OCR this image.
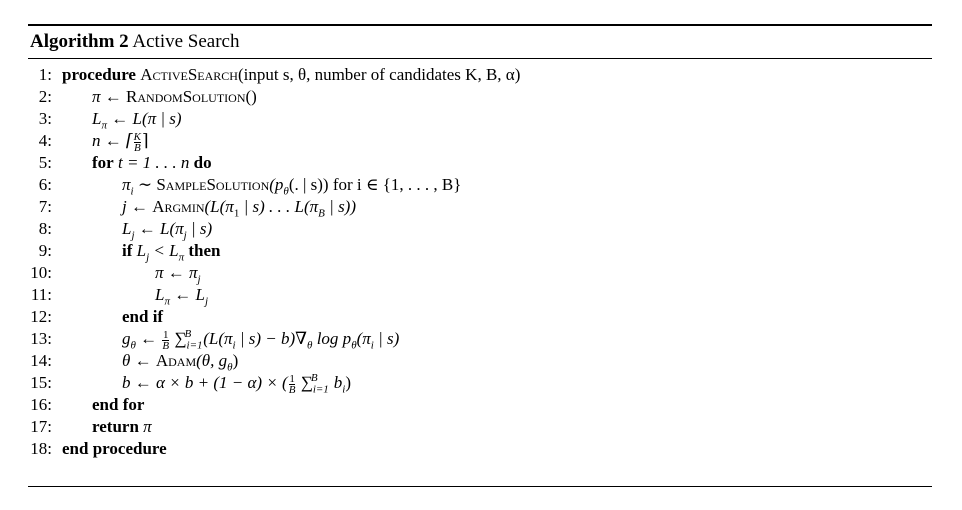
Algorithm 2 Active Search
1: procedure ActiveSearch(input s, θ, number of candidates K, B, α)
2: π ← RandomSolution()
3: $L_\pi$ ← L(π | s)
4: n ← ⌈ $\frac{K}{B}$ ⌉
5: for t = 1 . . . n do
6:	$\pi_i$ ∼ $SampleSolution(p_\theta$(. | s)) for i ∈ {1, . . . , B}
7:	j ← $Argmin(L(\pi_1$ | s) . . . $L(\pi_B$ | s))
8:	$L_j$ ← $L(\pi_j$ | s)
9:	if $L_j < L_\pi$ then
10:	π ← $\pi_j$
11:	$L_\pi$ ← $L_j$
12:	end if
13:	$g_\theta$ ← $\frac{1}{B} \sum_{i=1}^B$ ($L(\pi_i$ | $s) - b)\nabla_\theta$ $\log p_\theta(\pi_i$ | s)
14:	θ ← Adam(θ, $g_\theta$)
15:	b ← α × b + (1 − α) × ( $\frac{1}{B} \sum_{i=1}^B$ $b_i$)
16: end for
17: return π
18: end procedure
